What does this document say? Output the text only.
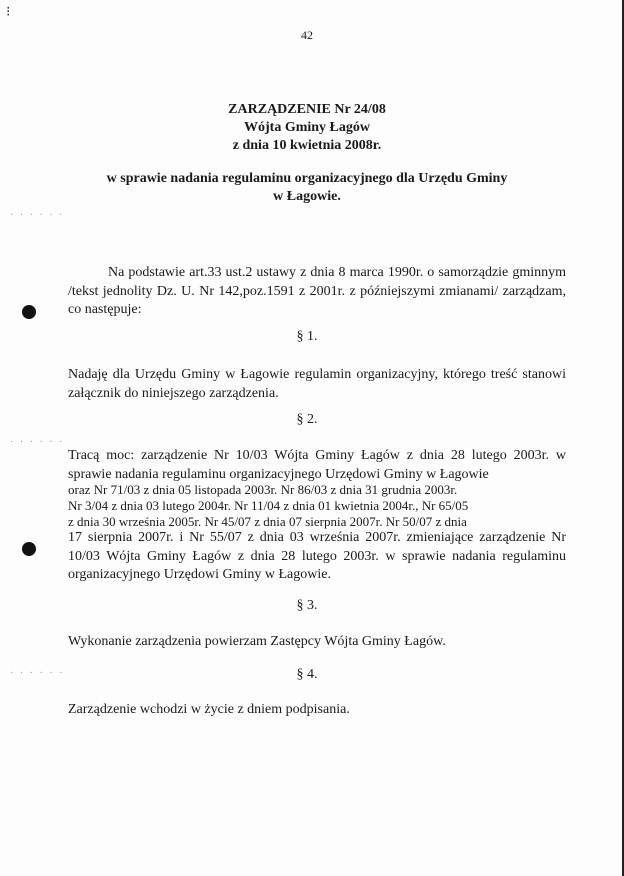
⁝
42
ZARZĄDZENIE Nr 24/08
Wójta Gminy Łagów
z dnia 10 kwietnia 2008r.
w sprawie nadania regulaminu organizacyjnego dla Urzędu Gminy
w Łagowie.
· · · · · ·
· · · · · ·
· · · · · ·
Na podstawie art.33 ust.2 ustawy z dnia 8 marca 1990r. o samorządzie gminnym /tekst jednolity Dz. U. Nr 142,poz.1591 z 2001r. z późniejszymi zmianami/ zarządzam, co następuje:
§ 1.
Nadaję dla Urzędu Gminy w Łagowie regulamin organizacyjny, którego treść stanowi załącznik do niniejszego zarządzenia.
§ 2.
Tracą moc: zarządzenie Nr 10/03 Wójta Gminy Łagów z dnia 28 lutego 2003r. w sprawie nadania regulaminu organizacyjnego Urzędowi Gminy w Łagowie
oraz Nr 71/03 z dnia 05 listopada 2003r. Nr 86/03 z dnia 31 grudnia 2003r.
Nr 3/04 z dnia 03 lutego 2004r. Nr 11/04 z dnia 01 kwietnia 2004r., Nr 65/05
z dnia 30 września 2005r. Nr 45/07 z dnia 07 sierpnia 2007r. Nr 50/07 z dnia
17 sierpnia 2007r. i Nr 55/07 z dnia 03 września 2007r. zmieniające zarządzenie Nr 10/03 Wójta Gminy Łagów z dnia 28 lutego 2003r. w sprawie nadania regulaminu organizacyjnego Urzędowi Gminy w Łagowie.
§ 3.
Wykonanie zarządzenia powierzam Zastępcy Wójta Gminy Łagów.
§ 4.
Zarządzenie wchodzi w życie z dniem podpisania.
